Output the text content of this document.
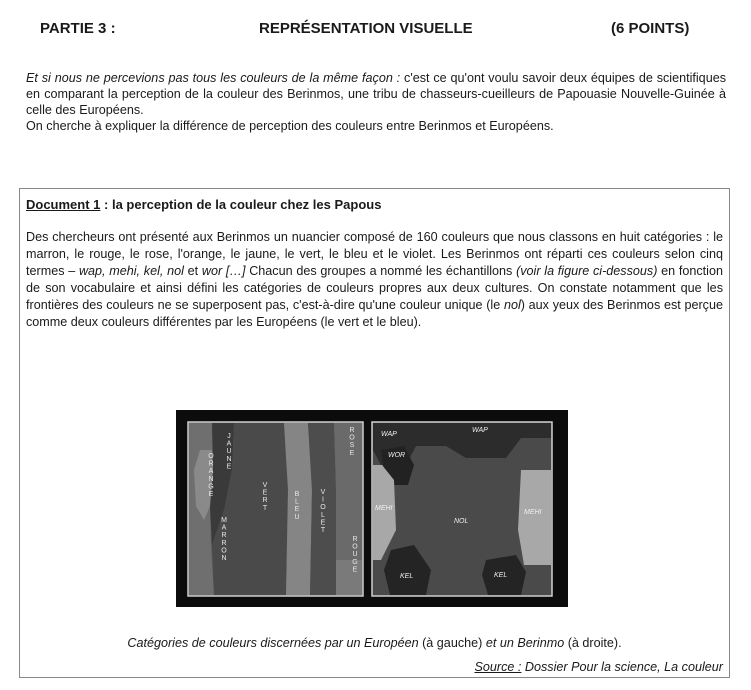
PARTIE 3 :	REPRÉSENTATION VISUELLE	(6 POINTS)

Et si nous ne percevions pas tous les couleurs de la même façon : c'est ce qu'ont voulu savoir deux équipes de scientifiques en comparant la perception de la couleur des Berinmos, une tribu de chasseurs-cueilleurs de Papouasie Nouvelle-Guinée à celle des Européens.

On cherche à expliquer la différence de perception des couleurs entre Berinmos et Européens.

Document 1 : la perception de la couleur chez les Papous

Des chercheurs ont présenté aux Berinmos un nuancier composé de 160 couleurs que nous classons en huit catégories : le marron, le rouge, le rose, l'orange, le jaune, le vert, le bleu et le violet. Les Berinmos ont réparti ces couleurs selon cinq termes – wap, mehi, kel, nol et wor […] Chacun des groupes a nommé les échantillons (voir la figure ci-dessous) en fonction de son vocabulaire et ainsi défini les catégories de couleurs propres aux deux cultures. On constate notamment que les frontières des couleurs ne se superposent pas, c'est-à-dire qu'une couleur unique (le nol) aux yeux des Berinmos est perçue comme deux couleurs différentes par les Européens (le vert et le bleu).

J A U N E
O R A N G E
V E R T
B L E U
V I O L E T
R O S E
M A R R O N
R O U G E
WAP
WAP
WOR
MEHI
NOL
MEHI
KEL	KEL
Catégories de couleurs discernées par un Européen (à gauche) et un Berinmo (à droite).
Source : Dossier Pour la science, La couleur
